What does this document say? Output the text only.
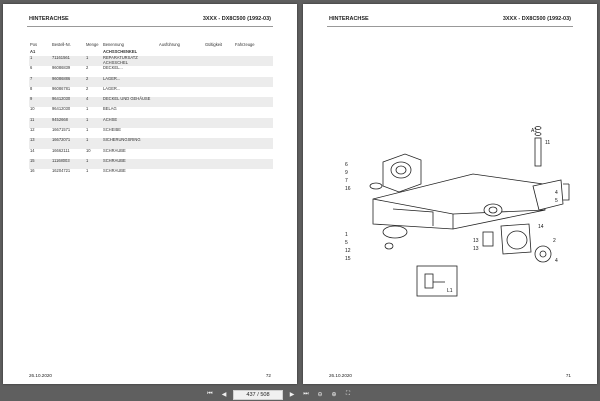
HINTERACHSE	3XXX - DX8C500 (1992-03)
Pos	Bestell-Nr.	Menge	Benennung	Ausführung	Gültigkeit	Fahrzeuge
A1			ACHSSCHENKEL			
1	71161561	1	REPARATURSATZ ACHSSCHEL			
6	96086839	2	DECKEL...			
7	96086886	2	LAGER...			
8	96086781	2	LAGER...			
9	96412030	4	DECKEL UND GEHÄUSE			
10	96412030	1	BELAG			
11	9452668	1	ACHSE			
12	16671571	1	SCHEIBE			
13	16672071	1	SICHERUNGSRING			
14	16662111	10	SCHRAUBE			
15	11168003	1	SCHRAUBE			
16	16204721	1	SCHRAUBE			
26.10.2020	72
HINTERACHSE	3XXX - DX8C500 (1992-03)
A1
11
6
9
7
16
4
5
1
5
12
15
13
13
14
2
4
L1
26.10.2020	71
⏮	◀	437 / 508	▶	⏭	⊖	⊕	⛶
